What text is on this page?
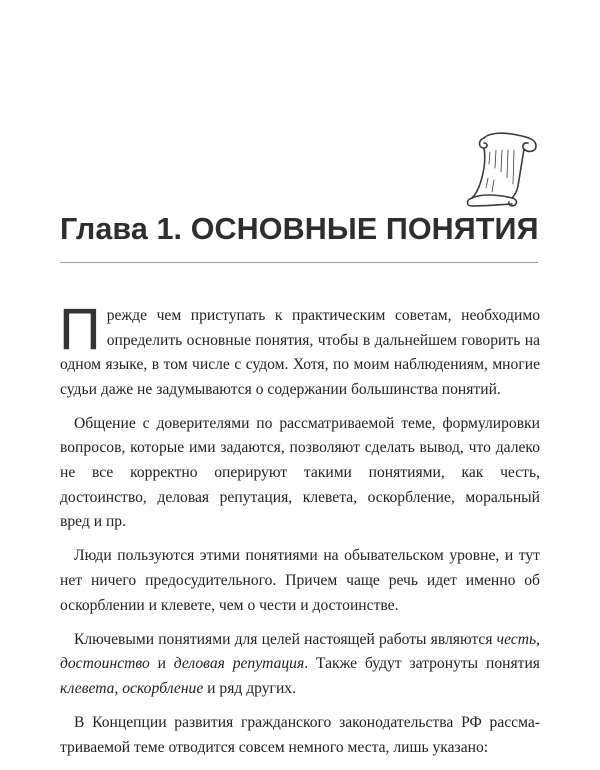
Глава 1. ОСНОВНЫЕ ПОНЯТИЯ

Прежде чем приступать к практическим советам, необходимо определить основные понятия, чтобы в дальнейшем говорить на одном языке, в том числе с судом. Хотя, по моим наблюдениям, многие судьи даже не задумываются о содержании большинства понятий.

Общение с доверителями по рассматриваемой теме, формулировки вопросов, которые ими задаются, позволяют сделать вывод, что далеко не все корректно оперируют такими понятиями, как честь, достоинство, деловая репутация, клевета, оскорбление, моральный вред и пр.

Люди пользуются этими понятиями на обывательском уровне, и тут нет ничего предосудительного. Причем чаще речь идет именно об оскорблении и клевете, чем о чести и достоинстве.

Ключевыми понятиями для целей настоящей работы являются честь, достоинство и деловая репутация. Также будут затронуты понятия клевета, оскорбление и ряд других.

В Концепции развития гражданского законодательства РФ рассматриваемой теме отводится совсем немного места, лишь указано:
